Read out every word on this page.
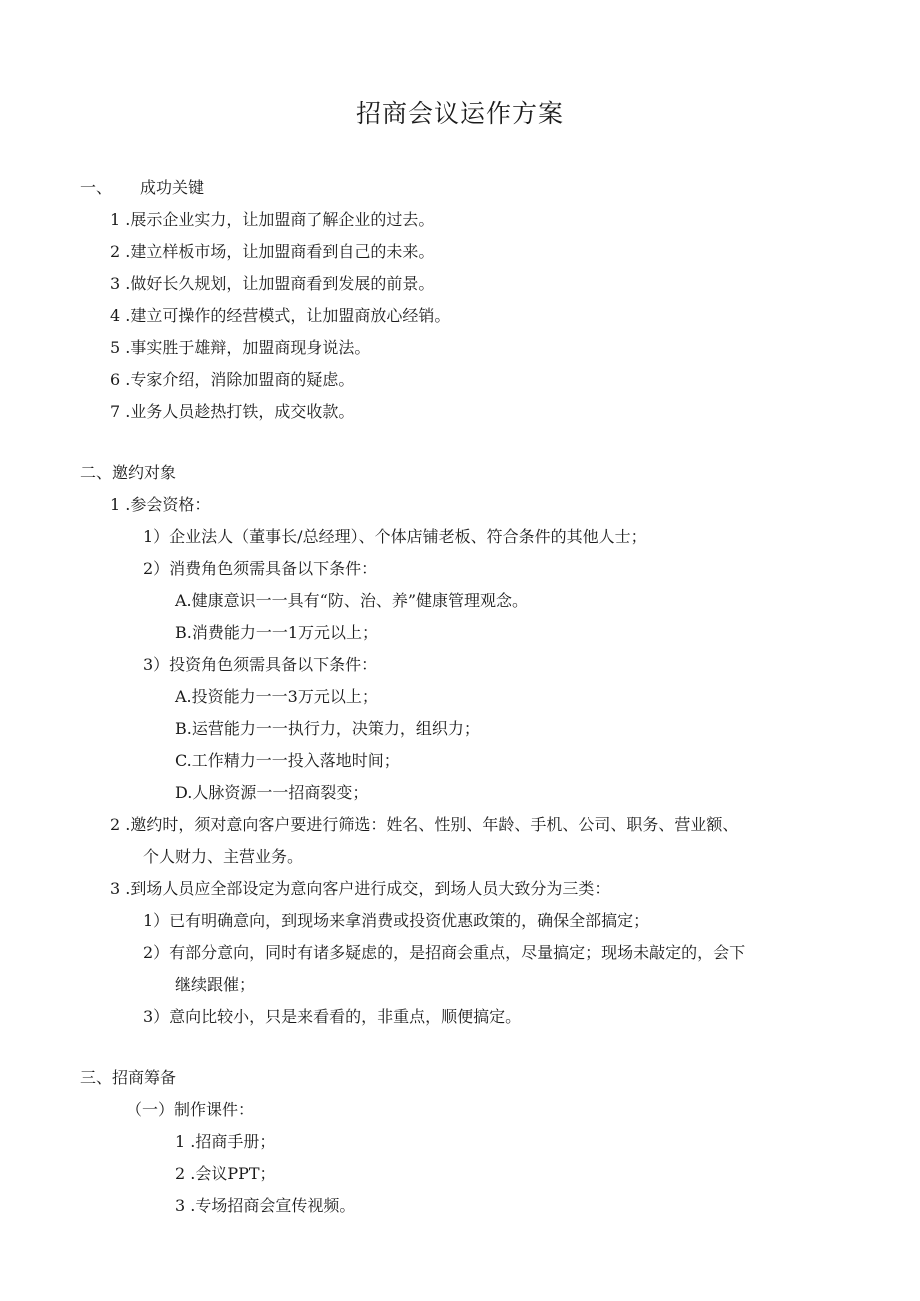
招商会议运作方案
一、 成功关键
1 .展示企业实力，让加盟商了解企业的过去。
2 .建立样板市场，让加盟商看到自己的未来。
3 .做好长久规划，让加盟商看到发展的前景。
4 .建立可操作的经营模式，让加盟商放心经销。
5 .事实胜于雄辩，加盟商现身说法。
6 .专家介绍，消除加盟商的疑虑。
7 .业务人员趁热打铁，成交收款。
二、邀约对象
1 .参会资格：
1）企业法人（董事长/总经理）、个体店铺老板、符合条件的其他人士；
2）消费角色须需具备以下条件：
A.健康意识一一具有“防、治、养”健康管理观念。
B.消费能力一一1万元以上；
3）投资角色须需具备以下条件：
A.投资能力一一3万元以上；
B.运营能力一一执行力，决策力，组织力；
C.工作精力一一投入落地时间；
D.人脉资源一一招商裂变；
2 .邀约时，须对意向客户要进行筛选：姓名、性别、年龄、手机、公司、职务、营业额、
个人财力、主营业务。
3 .到场人员应全部设定为意向客户进行成交，到场人员大致分为三类：
1）已有明确意向，到现场来拿消费或投资优惠政策的，确保全部搞定；
2）有部分意向，同时有诸多疑虑的，是招商会重点，尽量搞定；现场未敲定的，会下
继续跟催；
3）意向比较小，只是来看看的，非重点，顺便搞定。
三、招商筹备
（一）制作课件：
1 .招商手册；
2 .会议PPT；
3 .专场招商会宣传视频。
